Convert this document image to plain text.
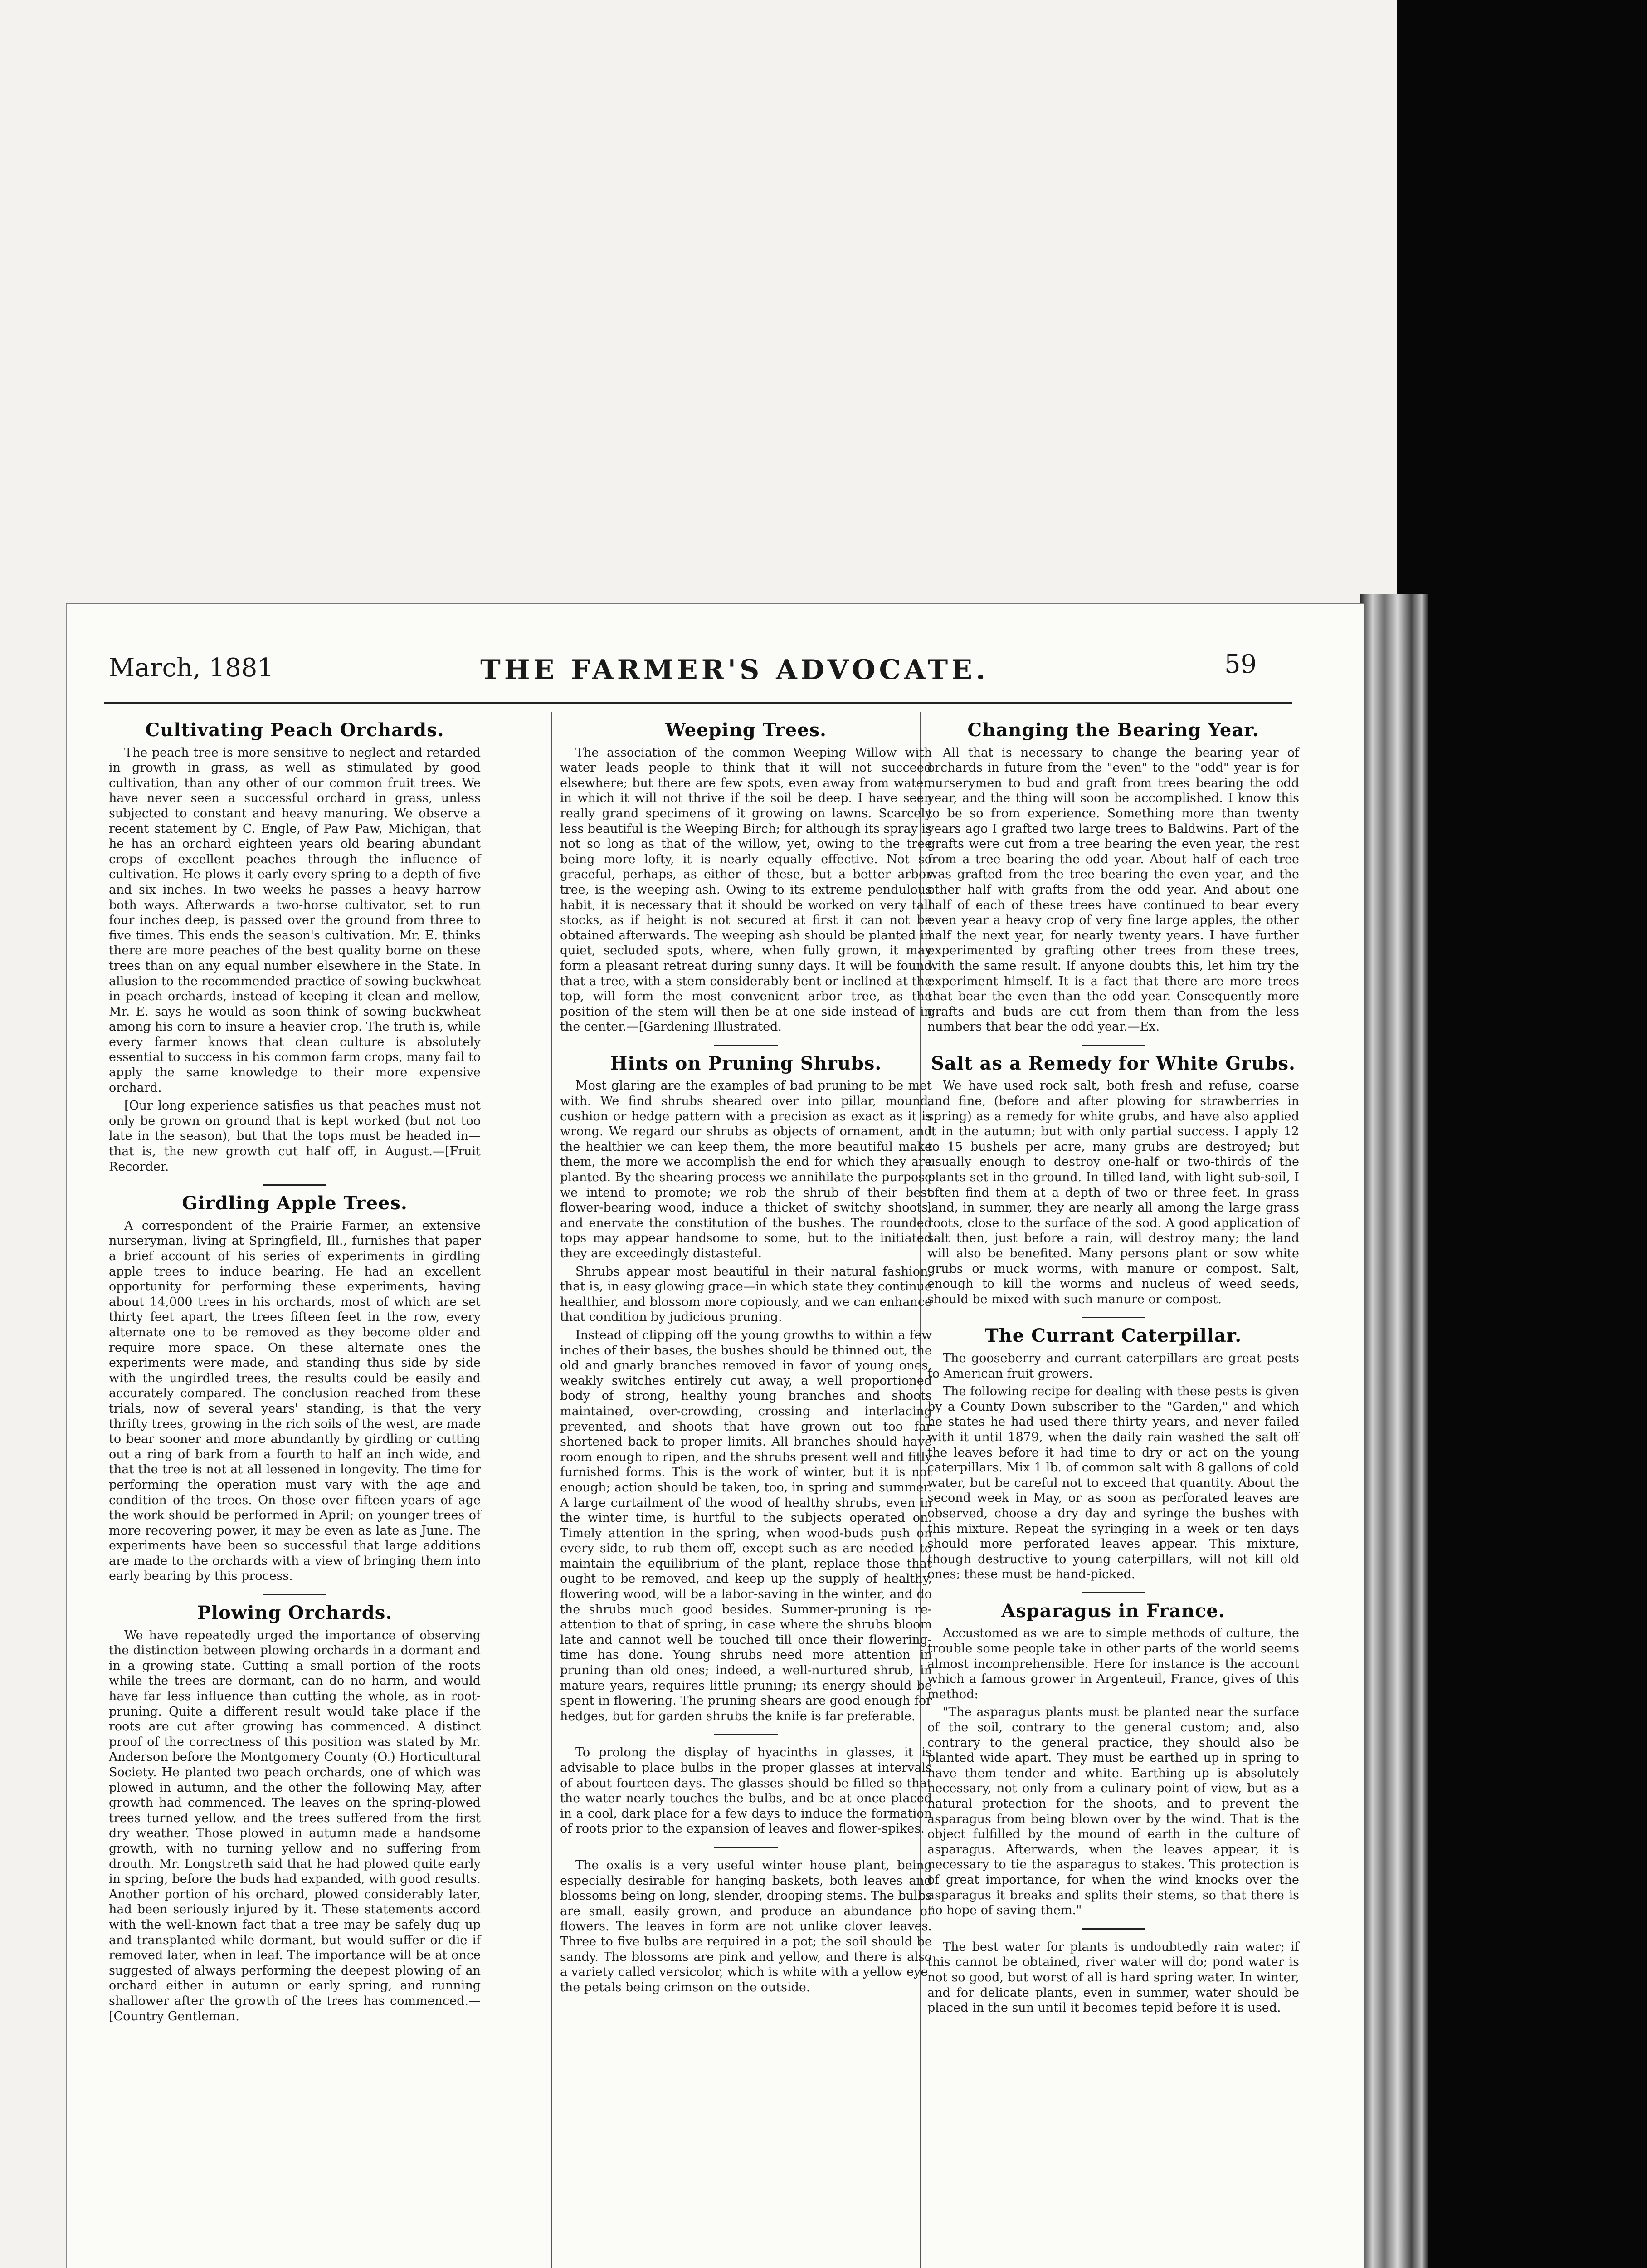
March, 1881	THE FARMER'S ADVOCATE.	59
Cultivating Peach Orchards.

The peach tree is more sensitive to neglect and retarded in growth in grass, as well as stimulated by good cultivation, than any other of our common fruit trees. We have never seen a successful orchard in grass, unless subjected to constant and heavy manuring. We observe a recent statement by C. Engle, of Paw Paw, Michigan, that he has an orchard eighteen years old bearing abundant crops of excellent peaches through the influence of cultivation. He plows it early every spring to a depth of five and six inches. In two weeks he passes a heavy harrow both ways. Afterwards a two-horse cultivator, set to run four inches deep, is passed over the ground from three to five times. This ends the season's cultivation. Mr. E. thinks there are more peaches of the best quality borne on these trees than on any equal number elsewhere in the State. In allusion to the recommended practice of sowing buckwheat in peach orchards, instead of keeping it clean and mellow, Mr. E. says he would as soon think of sowing buckwheat among his corn to insure a heavier crop. The truth is, while every farmer knows that clean culture is absolutely essential to success in his common farm crops, many fail to apply the same knowledge to their more expensive orchard.

[Our long experience satisfies us that peaches must not only be grown on ground that is kept worked (but not too late in the season), but that the tops must be headed in—that is, the new growth cut half off, in August.—[Fruit Recorder.

Girdling Apple Trees.

A correspondent of the Prairie Farmer, an extensive nurseryman, living at Springfield, Ill., furnishes that paper a brief account of his series of experiments in girdling apple trees to induce bearing. He had an excellent opportunity for performing these experiments, having about 14,000 trees in his orchards, most of which are set thirty feet apart, the trees fifteen feet in the row, every alternate one to be removed as they become older and require more space. On these alternate ones the experiments were made, and standing thus side by side with the ungirdled trees, the results could be easily and accurately compared. The conclusion reached from these trials, now of several years' standing, is that the very thrifty trees, growing in the rich soils of the west, are made to bear sooner and more abundantly by girdling or cutting out a ring of bark from a fourth to half an inch wide, and that the tree is not at all lessened in longevity. The time for performing the operation must vary with the age and condition of the trees. On those over fifteen years of age the work should be performed in April; on younger trees of more recovering power, it may be even as late as June. The experiments have been so successful that large additions are made to the orchards with a view of bringing them into early bearing by this process.

Plowing Orchards.

We have repeatedly urged the importance of observing the distinction between plowing orchards in a dormant and in a growing state. Cutting a small portion of the roots while the trees are dormant, can do no harm, and would have far less influence than cutting the whole, as in root-pruning. Quite a different result would take place if the roots are cut after growing has commenced. A distinct proof of the correctness of this position was stated by Mr. Anderson before the Montgomery County (O.) Horticultural Society. He planted two peach orchards, one of which was plowed in autumn, and the other the following May, after growth had commenced. The leaves on the spring-plowed trees turned yellow, and the trees suffered from the first dry weather. Those plowed in autumn made a handsome growth, with no turning yellow and no suffering from drouth. Mr. Longstreth said that he had plowed quite early in spring, before the buds had expanded, with good results. Another portion of his orchard, plowed considerably later, had been seriously injured by it. These statements accord with the well-known fact that a tree may be safely dug up and transplanted while dormant, but would suffer or die if removed later, when in leaf. The importance will be at once suggested of always performing the deepest plowing of an orchard either in autumn or early spring, and running shallower after the growth of the trees has commenced.—[Country Gentleman.

Weeping Trees.

The association of the common Weeping Willow with water leads people to think that it will not succeed elsewhere; but there are few spots, even away from water, in which it will not thrive if the soil be deep. I have seen really grand specimens of it growing on lawns. Scarcely less beautiful is the Weeping Birch; for although its spray is not so long as that of the willow, yet, owing to the tree being more lofty, it is nearly equally effective. Not so graceful, perhaps, as either of these, but a better arbor tree, is the weeping ash. Owing to its extreme pendulous habit, it is necessary that it should be worked on very tall stocks, as if height is not secured at first it can not be obtained afterwards. The weeping ash should be planted in quiet, secluded spots, where, when fully grown, it may form a pleasant retreat during sunny days. It will be found that a tree, with a stem considerably bent or inclined at the top, will form the most convenient arbor tree, as the position of the stem will then be at one side instead of in the center.—[Gardening Illustrated.

Hints on Pruning Shrubs.

Most glaring are the examples of bad pruning to be met with. We find shrubs sheared over into pillar, mound, cushion or hedge pattern with a precision as exact as it is wrong. We regard our shrubs as objects of ornament, and the healthier we can keep them, the more beautiful make them, the more we accomplish the end for which they are planted. By the shearing process we annihilate the purpose we intend to promote; we rob the shrub of their best flower-bearing wood, induce a thicket of switchy shoots, and enervate the constitution of the bushes. The rounded tops may appear handsome to some, but to the initiated they are exceedingly distasteful.

Shrubs appear most beautiful in their natural fashion, that is, in easy glowing grace—in which state they continue healthier, and blossom more copiously, and we can enhance that condition by judicious pruning.

Instead of clipping off the young growths to within a few inches of their bases, the bushes should be thinned out, the old and gnarly branches removed in favor of young ones, weakly switches entirely cut away, a well proportioned body of strong, healthy young branches and shoots maintained, over-crowding, crossing and interlacing prevented, and shoots that have grown out too far shortened back to proper limits. All branches should have room enough to ripen, and the shrubs present well and fitly furnished forms. This is the work of winter, but it is not enough; action should be taken, too, in spring and summer. A large curtailment of the wood of healthy shrubs, even in the winter time, is hurtful to the subjects operated on. Timely attention in the spring, when wood-buds push on every side, to rub them off, except such as are needed to maintain the equilibrium of the plant, replace those that ought to be removed, and keep up the supply of healthy, flowering wood, will be a labor-saving in the winter, and do the shrubs much good besides. Summer-pruning is re-attention to that of spring, in case where the shrubs bloom late and cannot well be touched till once their flowering-time has done. Young shrubs need more attention in pruning than old ones; indeed, a well-nurtured shrub, in mature years, requires little pruning; its energy should be spent in flowering. The pruning shears are good enough for hedges, but for garden shrubs the knife is far preferable.

To prolong the display of hyacinths in glasses, it is advisable to place bulbs in the proper glasses at intervals of about fourteen days. The glasses should be filled so that the water nearly touches the bulbs, and be at once placed in a cool, dark place for a few days to induce the formation of roots prior to the expansion of leaves and flower-spikes.

The oxalis is a very useful winter house plant, being especially desirable for hanging baskets, both leaves and blossoms being on long, slender, drooping stems. The bulbs are small, easily grown, and produce an abundance of flowers. The leaves in form are not unlike clover leaves. Three to five bulbs are required in a pot; the soil should be sandy. The blossoms are pink and yellow, and there is also a variety called versicolor, which is white with a yellow eye, the petals being crimson on the outside.

Changing the Bearing Year.

All that is necessary to change the bearing year of orchards in future from the "even" to the "odd" year is for nurserymen to bud and graft from trees bearing the odd year, and the thing will soon be accomplished. I know this to be so from experience. Something more than twenty years ago I grafted two large trees to Baldwins. Part of the grafts were cut from a tree bearing the even year, the rest from a tree bearing the odd year. About half of each tree was grafted from the tree bearing the even year, and the other half with grafts from the odd year. And about one half of each of these trees have continued to bear every even year a heavy crop of very fine large apples, the other half the next year, for nearly twenty years. I have further experimented by grafting other trees from these trees, with the same result. If anyone doubts this, let him try the experiment himself. It is a fact that there are more trees that bear the even than the odd year. Consequently more grafts and buds are cut from them than from the less numbers that bear the odd year.—Ex.

Salt as a Remedy for White Grubs.

We have used rock salt, both fresh and refuse, coarse and fine, (before and after plowing for strawberries in spring) as a remedy for white grubs, and have also applied it in the autumn; but with only partial success. I apply 12 to 15 bushels per acre, many grubs are destroyed; but usually enough to destroy one-half or two-thirds of the plants set in the ground. In tilled land, with light sub-soil, I often find them at a depth of two or three feet. In grass land, in summer, they are nearly all among the large grass roots, close to the surface of the sod. A good application of salt then, just before a rain, will destroy many; the land will also be benefited. Many persons plant or sow white grubs or muck worms, with manure or compost. Salt, enough to kill the worms and nucleus of weed seeds, should be mixed with such manure or compost.

The Currant Caterpillar.

The gooseberry and currant caterpillars are great pests to American fruit growers.

The following recipe for dealing with these pests is given by a County Down subscriber to the "Garden," and which he states he had used there thirty years, and never failed with it until 1879, when the daily rain washed the salt off the leaves before it had time to dry or act on the young caterpillars. Mix 1 lb. of common salt with 8 gallons of cold water, but be careful not to exceed that quantity. About the second week in May, or as soon as perforated leaves are observed, choose a dry day and syringe the bushes with this mixture. Repeat the syringing in a week or ten days should more perforated leaves appear. This mixture, though destructive to young caterpillars, will not kill old ones; these must be hand-picked.

Asparagus in France.

Accustomed as we are to simple methods of culture, the trouble some people take in other parts of the world seems almost incomprehensible. Here for instance is the account which a famous grower in Argenteuil, France, gives of this method:

"The asparagus plants must be planted near the surface of the soil, contrary to the general custom; and, also contrary to the general practice, they should also be planted wide apart. They must be earthed up in spring to have them tender and white. Earthing up is absolutely necessary, not only from a culinary point of view, but as a natural protection for the shoots, and to prevent the asparagus from being blown over by the wind. That is the object fulfilled by the mound of earth in the culture of asparagus. Afterwards, when the leaves appear, it is necessary to tie the asparagus to stakes. This protection is of great importance, for when the wind knocks over the asparagus it breaks and splits their stems, so that there is no hope of saving them."

The best water for plants is undoubtedly rain water; if this cannot be obtained, river water will do; pond water is not so good, but worst of all is hard spring water. In winter, and for delicate plants, even in summer, water should be placed in the sun until it becomes tepid before it is used.
